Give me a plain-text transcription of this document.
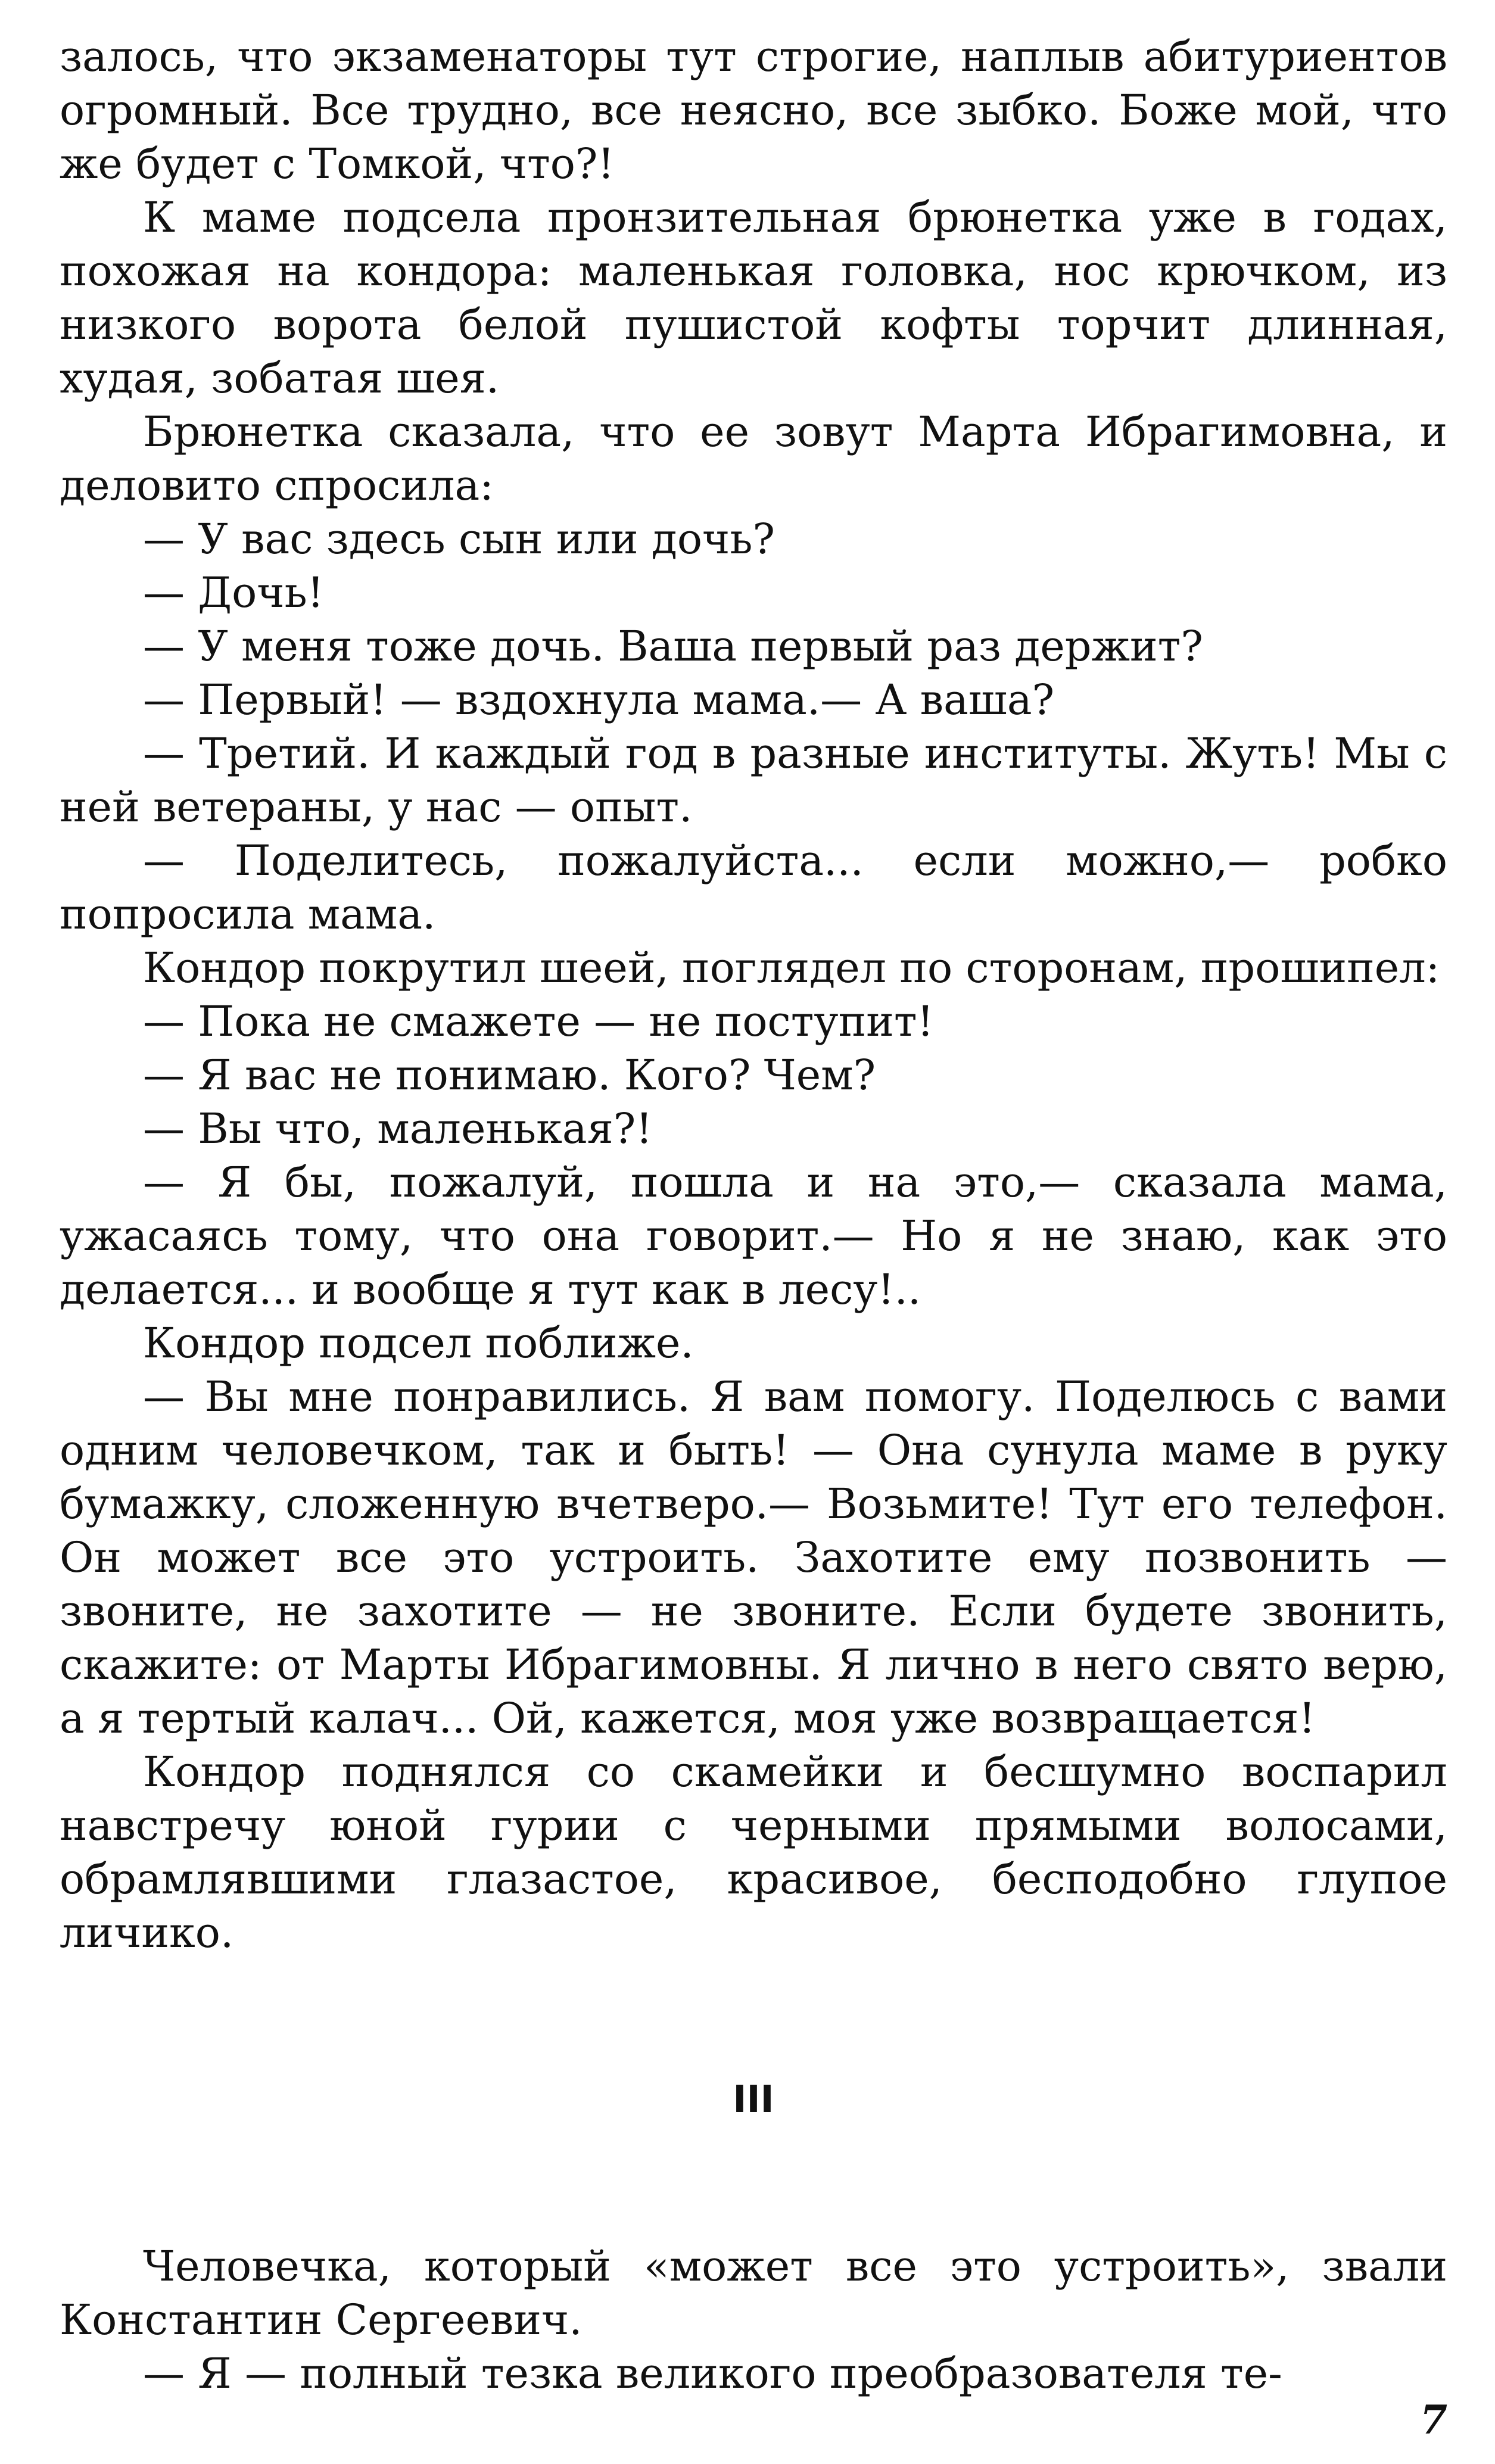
залось, что экзаменаторы тут строгие, наплыв абитуриентов огромный. Все трудно, все неясно, все зыбко. Боже мой, что же будет с Томкой, что?!

К маме подсела пронзительная брюнетка уже в годах, похожая на кондора: маленькая головка, нос крючком, из низкого ворота белой пушистой кофты торчит длинная, худая, зобатая шея.

Брюнетка сказала, что ее зовут Марта Ибрагимовна, и деловито спросила:

— У вас здесь сын или дочь?

— Дочь!

— У меня тоже дочь. Ваша первый раз держит?

— Первый! — вздохнула мама.— А ваша?

— Третий. И каждый год в разные институты. Жуть! Мы с ней ветераны, у нас — опыт.

— Поделитесь, пожалуйста... если можно,— робко попросила мама.

Кондор покрутил шеей, поглядел по сторонам, прошипел:

— Пока не смажете — не поступит!

— Я вас не понимаю. Кого? Чем?

— Вы что, маленькая?!

— Я бы, пожалуй, пошла и на это,— сказала мама, ужасаясь тому, что она говорит.— Но я не знаю, как это делается... и вообще я тут как в лесу!..

Кондор подсел поближе.

— Вы мне понравились. Я вам помогу. Поделюсь с вами одним человечком, так и быть! — Она сунула маме в руку бумажку, сложенную вчетверо.— Возьмите! Тут его телефон. Он может все это устроить. Захотите ему позвонить — звоните, не захотите — не звоните. Если будете звонить, скажите: от Марты Ибрагимовны. Я лично в него свято верю, а я тертый калач... Ой, кажется, моя уже возвращается!

Кондор поднялся со скамейки и бесшумно воспарил навстречу юной гурии с черными прямыми волосами, обрамлявшими глазастое, красивое, бесподобно глупое личико.

III

Человечка, который «может все это устроить», звали Константин Сергеевич.

— Я — полный тезка великого преобразователя те-

7
